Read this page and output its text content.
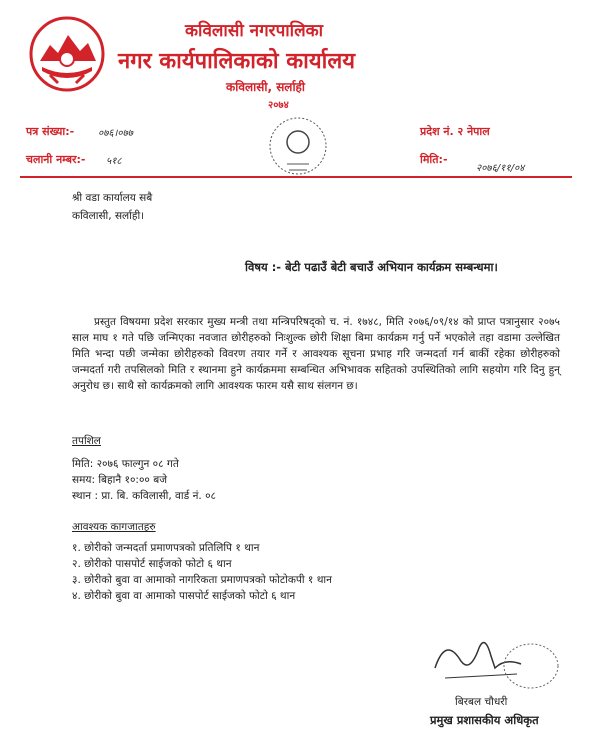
कविलासी नगरपालिका
नगर कार्यपालिकाको कार्यालय
कविलासी, सर्लाही
२०७४
पत्र संख्या:- ०७६।०७७
चलानी नम्बर:- ५१८
प्रदेश नं. २ नेपाल
मिति:-
२०७६/११/०४
श्री वडा कार्यालय सबै
कविलासी, सर्लाही।
विषय :- बेटी पढाउँ बेटी बचाउँ अभियान कार्यक्रम सम्बन्धमा।
प्रस्तुत विषयमा प्रदेश सरकार मुख्य मन्त्री तथा मन्त्रिपरिषद्को च. नं. १७४८, मिति २०७६/०९/१४ को प्राप्त पत्रानुसार २०७५ साल माघ १ गते पछि जन्मिएका नवजात छोरीहरुको निःशुल्क छोरी शिक्षा बिमा कार्यक्रम गर्नु पर्ने भएकोले तहा वडामा उल्लेखित मिति भन्दा पछी जन्मेका छोरीहरुको विवरण तयार गर्ने र आवश्यक सूचना प्रभाह गरि जन्मदर्ता गर्न बाकीं रहेका छोरीहरुको जन्मदर्ता गरी तपसिलको मिति र स्थानमा हुने कार्यक्रममा सम्बन्धित अभिभावक सहितको उपस्थितिको लागि सहयोग गरि दिनु हुन् अनुरोध छ। साथै सो कार्यक्रमको लागि आवश्यक फारम यसै साथ संलगन छ।
तपशिल
मिति: २०७६ फाल्गुन ०८ गते
समय: बिहानै १०:०० बजे
स्थान : प्रा. बि. कविलासी, वार्ड नं. ०८
आवश्यक कागजातहरु
१. छोरीको जन्मदर्ता प्रमाणपत्रको प्रतिलिपि १ थान
२. छोरीको पासपोर्ट साईजको फोटो ६ थान
३. छोरीको बुवा वा आमाको नागरिकता प्रमाणपत्रको फोटोकपी १ थान
४. छोरीको बुवा वा आमाको पासपोर्ट साईजको फोटो ६ थान
बिरबल चौधरी
प्रमुख प्रशासकीय अधिकृत
